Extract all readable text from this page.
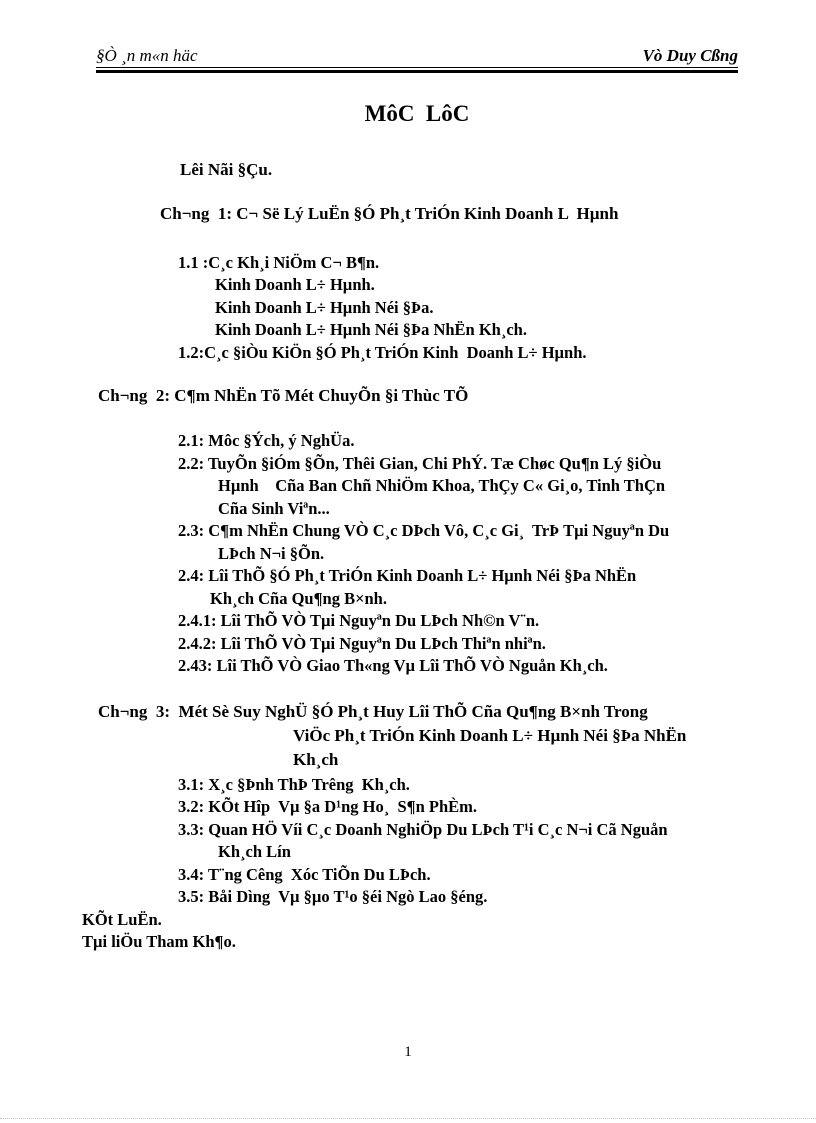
§Ò ¸n m«n häc	Vò Duy Cßng
MôC  LôC
Lêi Nãi §Çu.
Ch¬ng  1: C¬ Së Lý LuËn §Ó Ph¸t TriÓn Kinh Doanh L  Hµnh
1.1 :C¸c Kh¸i NiÖm C¬ B¶n.
Kinh Doanh L÷ Hµnh.
Kinh Doanh L÷ Hµnh Néi §Þa.
Kinh Doanh L÷ Hµnh Néi §Þa NhËn Kh¸ch.
1.2:C¸c §iÒu KiÖn §Ó Ph¸t TriÓn Kinh  Doanh L÷ Hµnh.
Ch¬ng  2: C¶m NhËn Tõ Mét ChuyÕn §i Thùc TÕ
2.1: Môc §Ých, ý NghÜa.
2.2: TuyÕn §iÓm §Õn, Thêi Gian, Chi PhÝ. Tæ Chøc Qu¶n Lý §iÒu
Hµnh    Cña Ban Chñ NhiÖm Khoa, ThÇy C« Gi¸o, Tinh ThÇn
Cña Sinh Viªn...
2.3: C¶m NhËn Chung VÒ C¸c DÞch Vô, C¸c Gi¸  TrÞ Tµi Nguyªn Du
LÞch N¬i §Õn.
2.4: Lîi ThÕ §Ó Ph¸t TriÓn Kinh Doanh L÷ Hµnh Néi §Þa NhËn
Kh¸ch Cña Qu¶ng B×nh.
2.4.1: Lîi ThÕ VÒ Tµi Nguyªn Du LÞch Nh©n V¨n.
2.4.2: Lîi ThÕ VÒ Tµi Nguyªn Du LÞch Thiªn nhiªn.
2.43: Lîi ThÕ VÒ Giao Th«ng Vµ Lîi ThÕ VÒ Nguån Kh¸ch.
Ch¬ng  3:  Mét Sè Suy NghÜ §Ó Ph¸t Huy Lîi ThÕ Cña Qu¶ng B×nh Trong
ViÖc Ph¸t TriÓn Kinh Doanh L÷ Hµnh Néi §Þa NhËn
Kh¸ch
3.1: X¸c §Þnh ThÞ Trêng  Kh¸ch.
3.2: KÕt Hîp  Vµ §a D¹ng Ho¸  S¶n PhÈm.
3.3: Quan HÖ Víi C¸c Doanh NghiÖp Du LÞch T¹i C¸c N¬i Cã Nguån
Kh¸ch Lín
3.4: T¨ng Cêng  Xóc TiÕn Du LÞch.
3.5: Båi Dìng  Vµ §µo T¹o §éi Ngò Lao §éng.
KÕt LuËn.
Tµi liÖu Tham Kh¶o.
1
